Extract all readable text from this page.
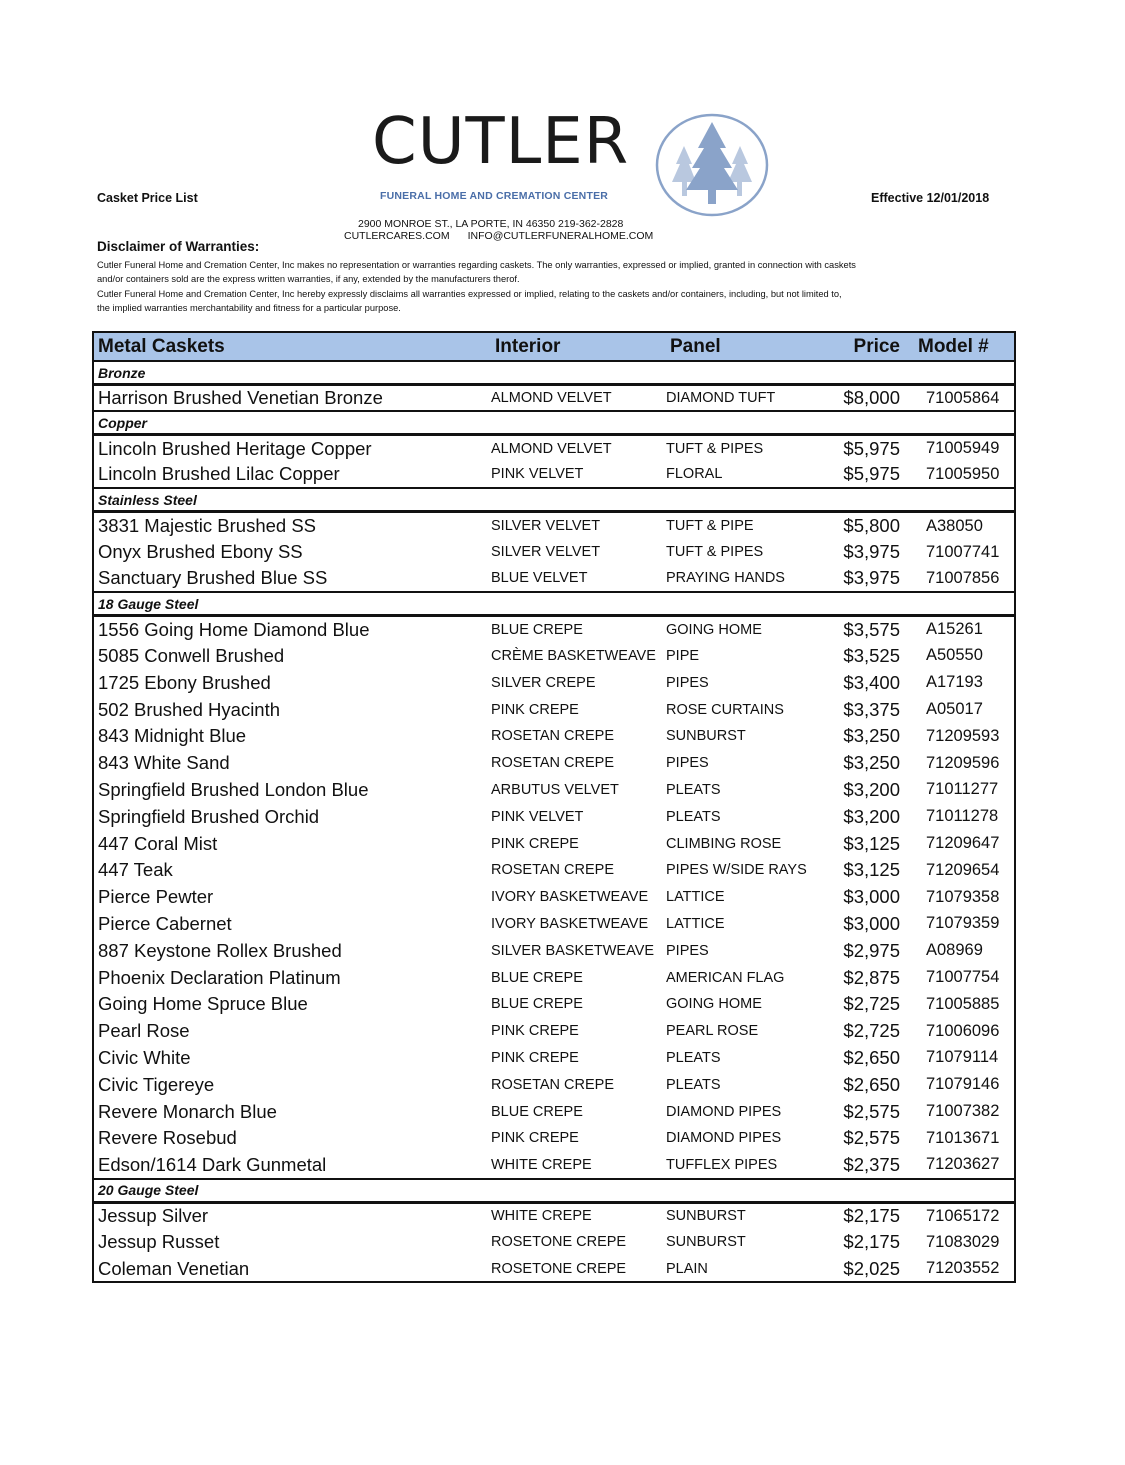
Casket Price List
CUTLER
FUNERAL HOME AND CREMATION CENTER	Effective 12/01/2018
2900 MONROE ST., LA PORTE, IN 46350 219-362-2828
CUTLERCARES.COM INFO@CUTLERFUNERALHOME.COM
Disclaimer of Warranties:
Cutler Funeral Home and Cremation Center, Inc makes no representation or warranties regarding caskets. The only warranties, expressed or implied, granted in connection with caskets
and/or containers sold are the express written warranties, if any, extended by the manufacturers therof.
Cutler Funeral Home and Cremation Center, Inc hereby expressly disclaims all warranties expressed or implied, relating to the caskets and/or containers, including, but not limited to,
the implied warranties merchantability and fitness for a particular purpose.
Metal Caskets	Interior	Panel	Price	Model #
Bronze				
Harrison Brushed Venetian Bronze	ALMOND VELVET	DIAMOND TUFT	$8,000	71005864
Copper				
Lincoln Brushed Heritage Copper	ALMOND VELVET	TUFT & PIPES	$5,975	71005949
Lincoln Brushed Lilac Copper	PINK VELVET	FLORAL	$5,975	71005950
Stainless Steel				
3831 Majestic Brushed SS	SILVER VELVET	TUFT & PIPE	$5,800	A38050
Onyx Brushed Ebony SS	SILVER VELVET	TUFT & PIPES	$3,975	71007741
Sanctuary Brushed Blue SS	BLUE VELVET	PRAYING HANDS	$3,975	71007856
18 Gauge Steel				
1556 Going Home Diamond Blue	BLUE CREPE	GOING HOME	$3,575	A15261
5085 Conwell Brushed	CRÈME BASKETWEAVE	PIPE	$3,525	A50550
1725 Ebony Brushed	SILVER CREPE	PIPES	$3,400	A17193
502 Brushed Hyacinth	PINK CREPE	ROSE CURTAINS	$3,375	A05017
843 Midnight Blue	ROSETAN CREPE	SUNBURST	$3,250	71209593
843 White Sand	ROSETAN CREPE	PIPES	$3,250	71209596
Springfield Brushed London Blue	ARBUTUS VELVET	PLEATS	$3,200	71011277
Springfield Brushed Orchid	PINK VELVET	PLEATS	$3,200	71011278
447 Coral Mist	PINK CREPE	CLIMBING ROSE	$3,125	71209647
447 Teak	ROSETAN CREPE	PIPES W/SIDE RAYS	$3,125	71209654
Pierce Pewter	IVORY BASKETWEAVE	LATTICE	$3,000	71079358
Pierce Cabernet	IVORY BASKETWEAVE	LATTICE	$3,000	71079359
887 Keystone Rollex Brushed	SILVER BASKETWEAVE	PIPES	$2,975	A08969
Phoenix Declaration Platinum	BLUE CREPE	AMERICAN FLAG	$2,875	71007754
Going Home Spruce Blue	BLUE CREPE	GOING HOME	$2,725	71005885
Pearl Rose	PINK CREPE	PEARL ROSE	$2,725	71006096
Civic White	PINK CREPE	PLEATS	$2,650	71079114
Civic Tigereye	ROSETAN CREPE	PLEATS	$2,650	71079146
Revere Monarch Blue	BLUE CREPE	DIAMOND PIPES	$2,575	71007382
Revere Rosebud	PINK CREPE	DIAMOND PIPES	$2,575	71013671
Edson/1614 Dark Gunmetal	WHITE CREPE	TUFFLEX PIPES	$2,375	71203627
20 Gauge Steel				
Jessup Silver	WHITE CREPE	SUNBURST	$2,175	71065172
Jessup Russet	ROSETONE CREPE	SUNBURST	$2,175	71083029
Coleman Venetian	ROSETONE CREPE	PLAIN	$2,025	71203552
